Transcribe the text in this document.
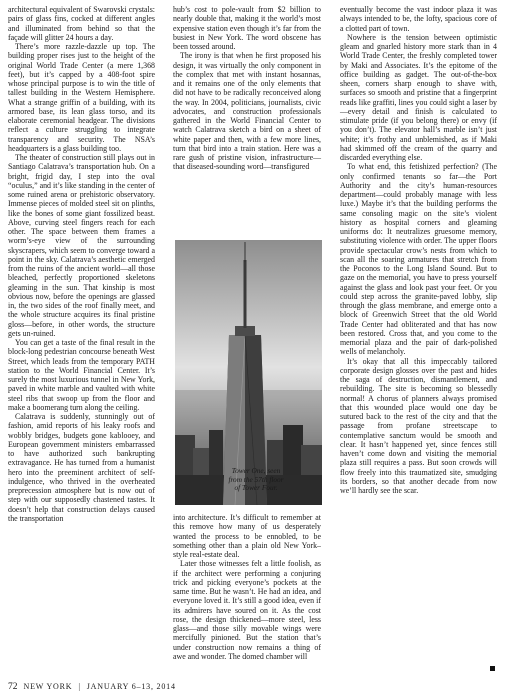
architectural equivalent of Swarovski crystals: pairs of glass fins, cocked at different angles and illuminated from behind so that the façade will glitter 24 hours a day.

There’s more razzle-dazzle up top. The building proper rises just to the height of the original World Trade Center (a mere 1,368 feet), but it’s capped by a 408-foot spire whose principal purpose is to win the title of tallest building in the Western Hemisphere. What a strange griffin of a building, with its armored base, its lean glass torso, and its elaborate ceremonial headgear. The divisions reflect a culture struggling to integrate transparency and security. The NSA’s headquarters is a glass building too.

The theater of construction still plays out in Santiago Calatrava’s transportation hub. On a bright, frigid day, I step into the oval “oculus,” and it’s like standing in the center of some ruined arena or prehistoric observatory. Immense pieces of molded steel sit on plinths, like the bones of some giant fossilized beast. Above, curving steel fingers reach for each other. The space between them frames a worm’s-eye view of the surrounding skyscrapers, which seem to converge toward a point in the sky. Calatrava’s aesthetic emerged from the ruins of the ancient world—all those bleached, perfectly proportioned skeletons gleaming in the sun. That kinship is most obvious now, before the openings are glassed in, the two sides of the roof finally meet, and the whole structure acquires its final pristine gloss—before, in other words, the structure gets un-ruined.

You can get a taste of the final result in the block-long pedestrian concourse beneath West Street, which leads from the temporary PATH station to the World Financial Center. It’s surely the most luxurious tunnel in New York, paved in white marble and vaulted with white steel ribs that swoop up from the floor and make a boomerang turn along the ceiling.

Calatrava is suddenly, stunningly out of fashion, amid reports of his leaky roofs and wobbly bridges, budgets gone kablooey, and European government ministers embarrassed to have authorized such bankrupting extravagance. He has turned from a humanist hero into the preeminent architect of self-indulgence, who thrived in the overheated preprecession atmosphere but is now out of step with our supposedly chastened tastes. It doesn’t help that construction delays caused the transportation

hub’s cost to pole-vault from $2 billion to nearly double that, making it the world’s most expensive station even though it’s far from the busiest in New York. The word obscene has been tossed around.

The irony is that when he first proposed his design, it was virtually the only component in the complex that met with instant hosannas, and it remains one of the only elements that did not have to be radically reconceived along the way. In 2004, politicians, journalists, civic advocates, and construction professionals gathered in the World Financial Center to watch Calatrava sketch a bird on a sheet of white paper and then, with a few more lines, turn that bird into a train station. Here was a rare gush of pristine vision, infrastructure—that diseased-sounding word—transfigured

Tower One, seen from the 57th floor of Tower Four.

into architecture. It’s difficult to remember at this remove how many of us desperately wanted the process to be ennobled, to be something other than a plain old New York–style real-estate deal.

Later those witnesses felt a little foolish, as if the architect were performing a conjuring trick and picking everyone’s pockets at the same time. But he wasn’t. He had an idea, and everyone loved it. It’s still a good idea, even if its admirers have soured on it. As the cost rose, the design thickened—more steel, less glass—and those silly movable wings were mercifully pinioned. But the station that’s under construction now remains a thing of awe and wonder. The domed chamber will

eventually become the vast indoor plaza it was always intended to be, the lofty, spacious core of a clotted part of town.

Nowhere is the tension between optimistic gleam and gnarled history more stark than in 4 World Trade Center, the freshly completed tower by Maki and Associates. It’s the epitome of the office building as gadget. The out-of-the-box sheen, corners sharp enough to shave with, surfaces so smooth and pristine that a fingerprint reads like graffiti, lines you could sight a laser by—every detail and finish is calculated to stimulate pride (if you belong there) or envy (if you don’t). The elevator hall’s marble isn’t just white; it’s frothy and unblemished, as if Maki had skimmed off the cream of the quarry and discarded everything else.

To what end, this fetishized perfection? (The only confirmed tenants so far—the Port Authority and the city’s human-resources department—could probably manage with less luxe.) Maybe it’s that the building performs the same consoling magic on the site’s violent history as hospital corners and gleaming uniforms do: It neutralizes gruesome memory, substituting violence with order. The upper floors provide spectacular crow’s nests from which to scan all the soaring armatures that stretch from the Poconos to the Long Island Sound. But to gaze on the memorial, you have to press yourself against the glass and look past your feet. Or you could step across the granite-paved lobby, slip through the glass membrane, and emerge onto a block of Greenwich Street that the old World Trade Center had obliterated and that has now been restored. Cross that, and you come to the memorial plaza and the pair of dark-polished wells of melancholy.

It’s okay that all this impeccably tailored corporate design glosses over the past and hides the saga of destruction, dismantlement, and rebuilding. The site is becoming so blessedly normal! A chorus of planners always promised that this wounded place would one day be sutured back to the rest of the city and that the passage from profane streetscape to contemplative sanctum would be smooth and clear. It hasn’t happened yet, since fences still haven’t come down and visiting the memorial plaza still requires a pass. But soon crowds will flow freely into this traumatized site, smudging its borders, so that another decade from now we’ll hardly see the scar.

72 NEW YORK | JANUARY 6–13, 2014
